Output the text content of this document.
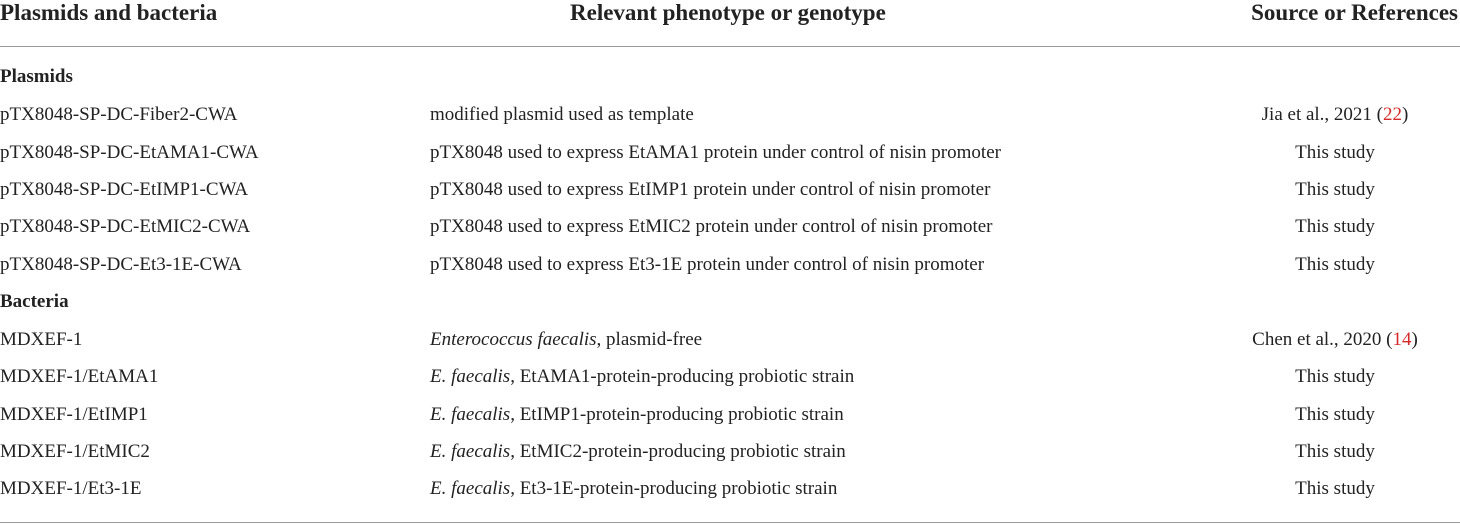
Plasmids and bacteria	Relevant phenotype or genotype	Source or References
Plasmids
pTX8048-SP-DC-Fiber2-CWA	modified plasmid used as template	Jia et al., 2021 (22)
pTX8048-SP-DC-EtAMA1-CWA	pTX8048 used to express EtAMA1 protein under control of nisin promoter	This study
pTX8048-SP-DC-EtIMP1-CWA	pTX8048 used to express EtIMP1 protein under control of nisin promoter	This study
pTX8048-SP-DC-EtMIC2-CWA	pTX8048 used to express EtMIC2 protein under control of nisin promoter	This study
pTX8048-SP-DC-Et3-1E-CWA	pTX8048 used to express Et3-1E protein under control of nisin promoter	This study
Bacteria
MDXEF-1	Enterococcus faecalis, plasmid-free	Chen et al., 2020 (14)
MDXEF-1/EtAMA1	E. faecalis, EtAMA1-protein-producing probiotic strain	This study
MDXEF-1/EtIMP1	E. faecalis, EtIMP1-protein-producing probiotic strain	This study
MDXEF-1/EtMIC2	E. faecalis, EtMIC2-protein-producing probiotic strain	This study
MDXEF-1/Et3-1E	E. faecalis, Et3-1E-protein-producing probiotic strain	This study
